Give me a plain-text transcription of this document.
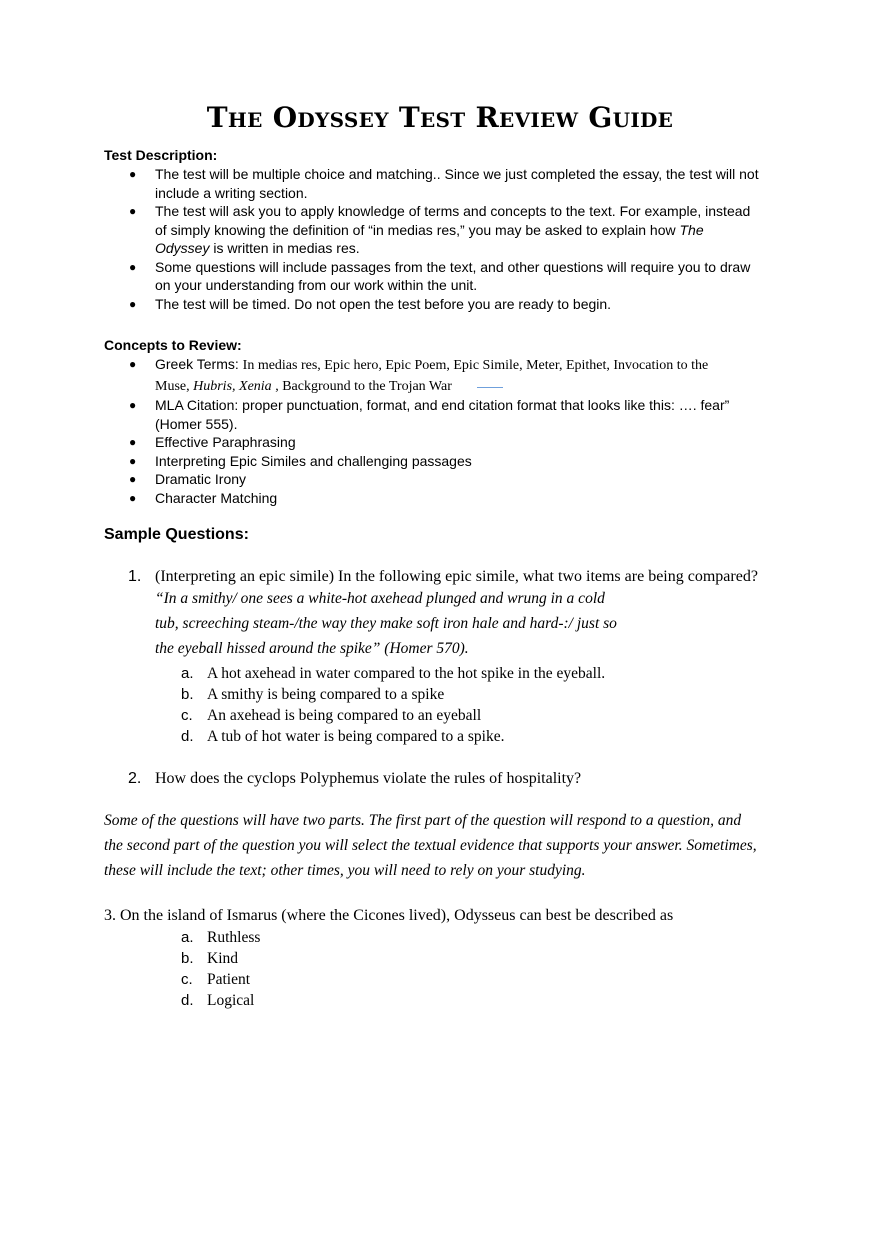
The Odyssey Test Review Guide
Test Description:
● The test will be multiple choice and matching.. Since we just completed the essay, the test will not
include a writing section.
● The test will ask you to apply knowledge of terms and concepts to the text. For example, instead
of simply knowing the definition of “in medias res,” you may be asked to explain how The
Odyssey is written in medias res.
● Some questions will include passages from the text, and other questions will require you to draw
on your understanding from our work within the unit.
● The test will be timed. Do not open the test before you are ready to begin.
Concepts to Review:
● Greek Terms: In medias res, Epic hero, Epic Poem, Epic Simile, Meter, Epithet, Invocation to the
Muse, Hubris, Xenia , Background to the Trojan War
● MLA Citation: proper punctuation, format, and end citation format that looks like this: …. fear”
(Homer 555).
● Effective Paraphrasing
● Interpreting Epic Similes and challenging passages
● Dramatic Irony
● Character Matching
Sample Questions:
1. (Interpreting an epic simile) In the following epic simile, what two items are being compared?
“In a smithy/ one sees a white-hot axehead plunged and wrung in a cold
tub, screeching steam-/the way they make soft iron hale and hard-:/ just so
the eyeball hissed around the spike” (Homer 570).
a. A hot axehead in water compared to the hot spike in the eyeball.
b. A smithy is being compared to a spike
c. An axehead is being compared to an eyeball
d. A tub of hot water is being compared to a spike.
2. How does the cyclops Polyphemus violate the rules of hospitality?
Some of the questions will have two parts. The first part of the question will respond to a question, and
the second part of the question you will select the textual evidence that supports your answer. Sometimes,
these will include the text; other times, you will need to rely on your studying.
3. On the island of Ismarus (where the Cicones lived), Odysseus can best be described as
a. Ruthless
b. Kind
c. Patient
d. Logical
